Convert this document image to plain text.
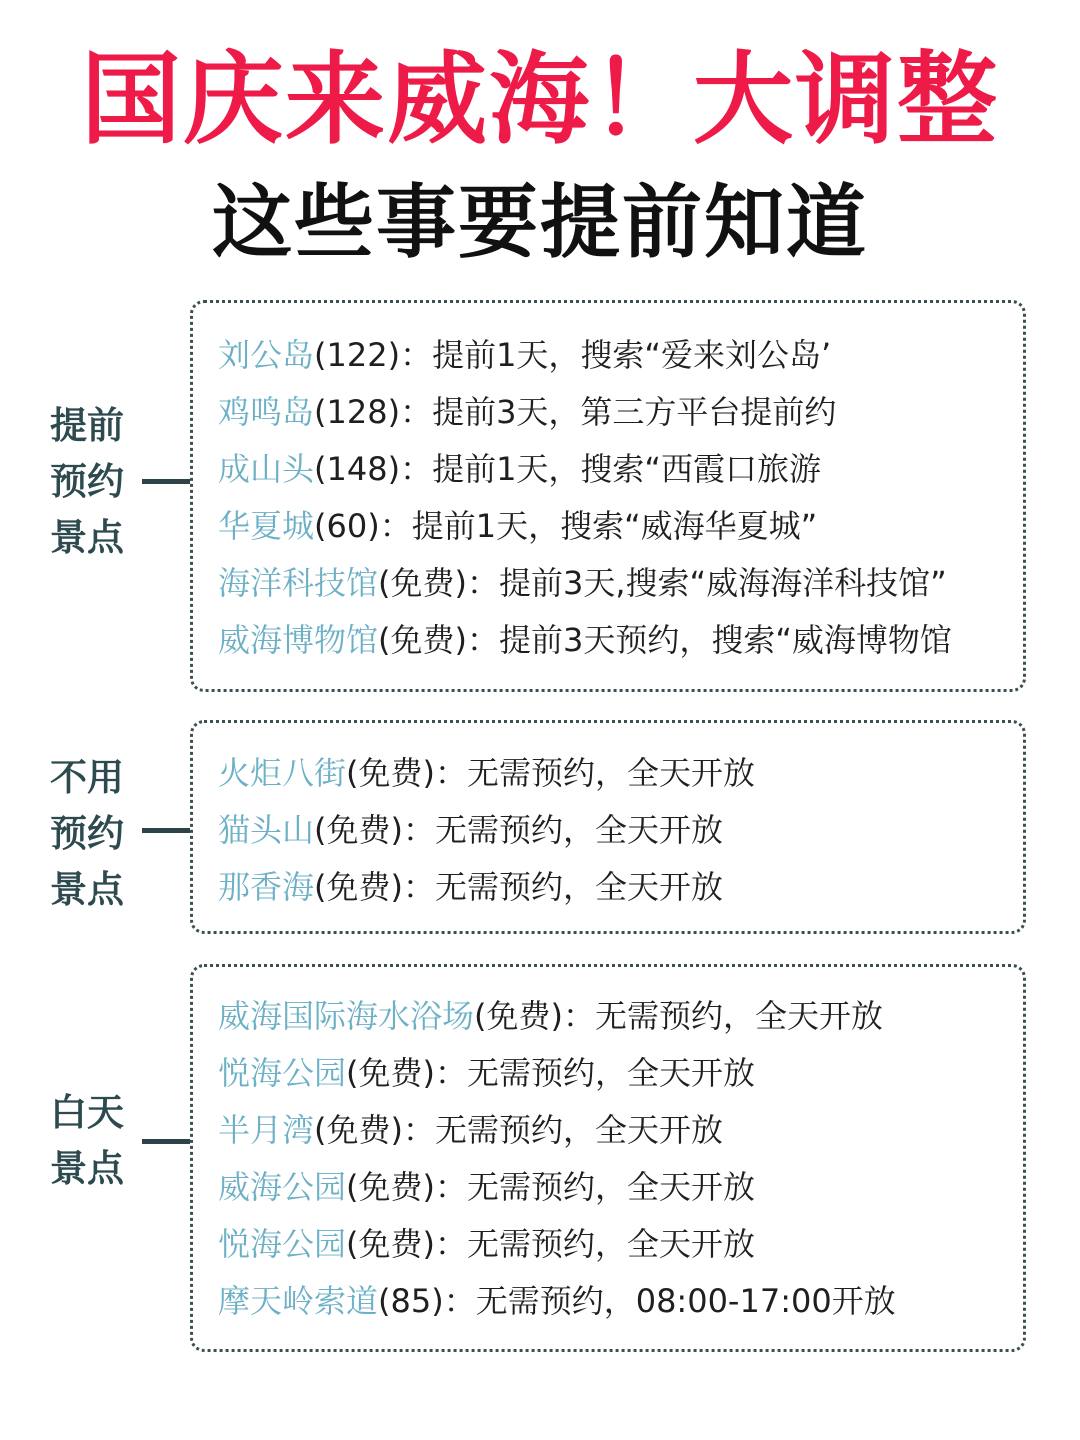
国庆来威海！大调整
这些事要提前知道
提前
预约
景点
刘公岛(122)：提前1天，搜索“爱来刘公岛’
鸡鸣岛(128)：提前3天，第三方平台提前约
成山头(148)：提前1天，搜索“西霞口旅游
华夏城(60)：提前1天，搜索“威海华夏城”
海洋科技馆(免费)：提前3天,搜索“威海海洋科技馆”
威海博物馆(免费)：提前3天预约，搜索“威海博物馆
不用
预约
景点
火炬八街(免费)：无需预约，全天开放
猫头山(免费)：无需预约，全天开放
那香海(免费)：无需预约，全天开放
白天
景点
威海国际海水浴场(免费)：无需预约，全天开放
悦海公园(免费)：无需预约，全天开放
半月湾(免费)：无需预约，全天开放
威海公园(免费)：无需预约，全天开放
悦海公园(免费)：无需预约，全天开放
摩天岭索道(85)：无需预约，08:00-17:00开放
